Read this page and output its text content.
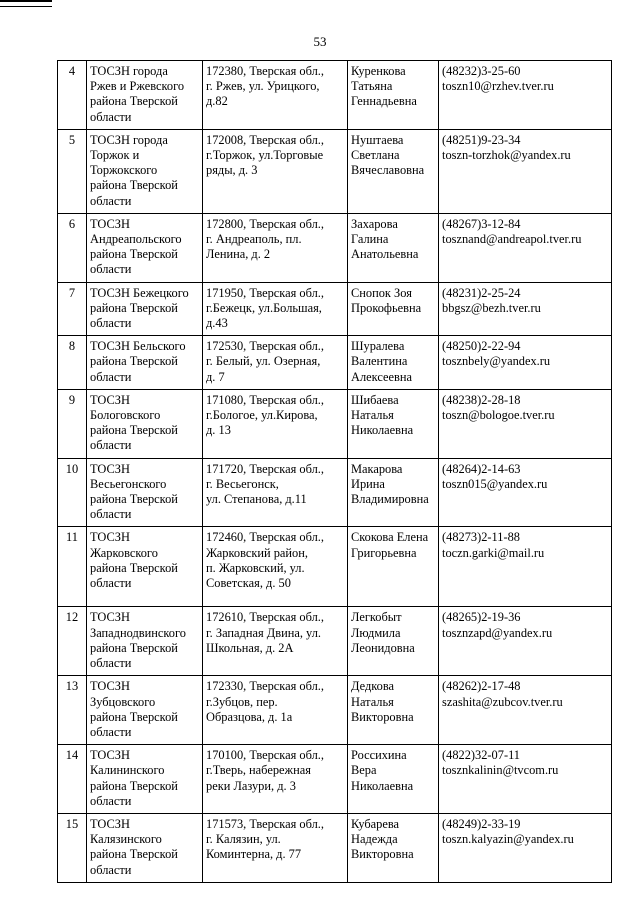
53
4	ТОСЗН города
Ржев и Ржевского
района Тверской
области	172380, Тверская обл.,
г. Ржев, ул. Урицкого,
д.82	Куренкова
Татьяна
Геннадьевна	(48232)3-25-60
toszn10@rzhev.tver.ru

5	ТОСЗН города
Торжок и
Торжокского
района Тверской
области	172008, Тверская обл.,
г.Торжок, ул.Торговые
ряды, д. 3	Нуштаева
Светлана
Вячеславовна	(48251)9-23-34
toszn-torzhok@yandex.ru

6	ТОСЗН
Андреапольского
района Тверской
области	172800, Тверская обл.,
г. Андреаполь, пл.
Ленина, д. 2	Захарова
Галина
Анатольевна	(48267)3-12-84
tosznand@andreapol.tver.ru

7	ТОСЗН Бежецкого
района Тверской
области	171950, Тверская обл.,
г.Бежецк, ул.Большая,
д.43	Снопок Зоя
Прокофьевна	(48231)2-25-24
bbgsz@bezh.tver.ru

8	ТОСЗН Бельского
района Тверской
области	172530, Тверская обл.,
г. Белый, ул. Озерная,
д. 7	Шуралева
Валентина
Алексеевна	(48250)2-22-94
tosznbely@yandex.ru

9	ТОСЗН
Бологовского
района Тверской
области	171080, Тверская обл.,
г.Бологое, ул.Кирова,
д. 13	Шибаева
Наталья
Николаевна	(48238)2-28-18
toszn@bologoe.tver.ru

10	ТОСЗН
Весьегонского
района Тверской
области	171720, Тверская обл.,
г. Весьегонск,
ул. Степанова, д.11	Макарова
Ирина
Владимировна	(48264)2-14-63
toszn015@yandex.ru

11	ТОСЗН
Жарковского
района Тверской
области	172460, Тверская обл.,
Жарковский район,
п. Жарковский, ул.
Советская, д. 50	Скокова Елена
Григорьевна	(48273)2-11-88
toczn.garki@mail.ru

12	ТОСЗН
Западнодвинского
района Тверской
области	172610, Тверская обл.,
г. Западная Двина, ул.
Школьная, д. 2А	Легкобыт
Людмила
Леонидовна	(48265)2-19-36
tosznzapd@yandex.ru

13	ТОСЗН
Зубцовского
района Тверской
области	172330, Тверская обл.,
г.Зубцов, пер.
Образцова, д. 1а	Дедкова
Наталья
Викторовна	(48262)2-17-48
szashita@zubcov.tver.ru

14	ТОСЗН
Калининского
района Тверской
области	170100, Тверская обл.,
г.Тверь, набережная
реки Лазури, д. 3	Россихина
Вера
Николаевна	(4822)32-07-11
tosznkalinin@tvcom.ru

15	ТОСЗН
Калязинского
района Тверской
области	171573, Тверская обл.,
г. Калязин, ул.
Коминтерна, д. 77	Кубарева
Надежда
Викторовна	(48249)2-33-19
toszn.kalyazin@yandex.ru
